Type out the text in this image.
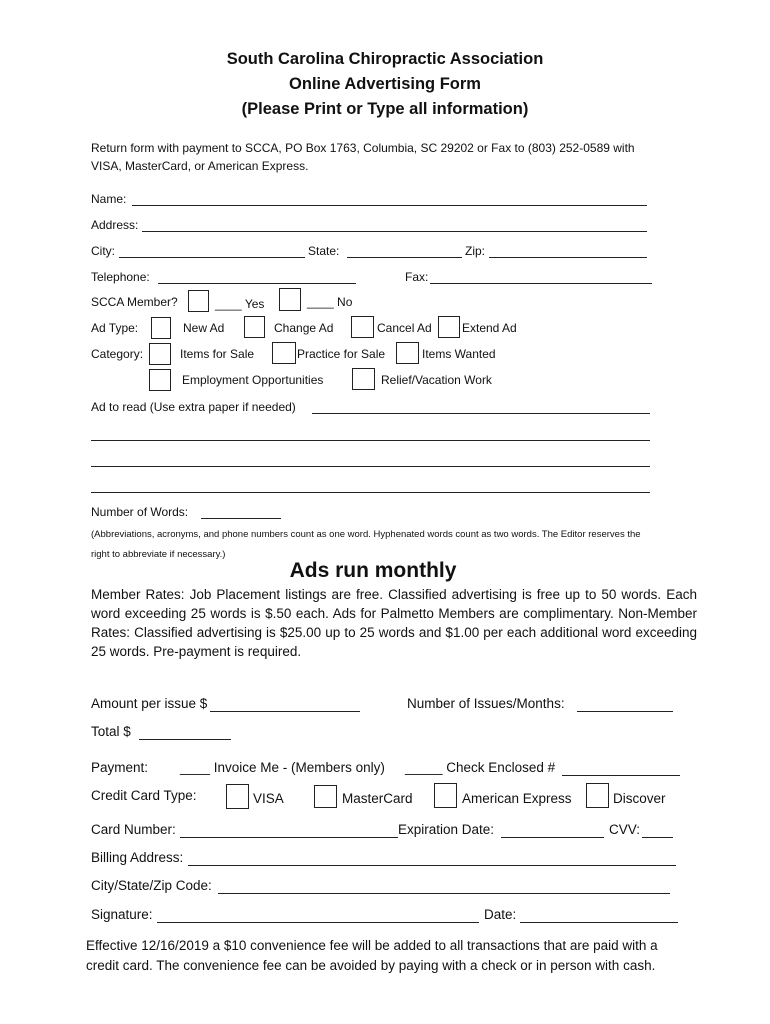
South Carolina Chiropractic Association
Online Advertising Form
(Please Print or Type all information)
Return form with payment to SCCA, PO Box 1763, Columbia, SC 29202 or Fax to (803) 252-0589 with
VISA, MasterCard, or American Express.
Name:
Address:
City:	State:	Zip:
Telephone:	Fax:
SCCA Member?	____ Yes	____ No
Ad Type:	New Ad	Change Ad	Cancel Ad	Extend Ad
Category:	Items for Sale	Practice for Sale	Items Wanted
Employment Opportunities	Relief/Vacation Work
Ad to read (Use extra paper if needed)
Number of Words:
(Abbreviations, acronyms, and phone numbers count as one word. Hyphenated words count as two words. The Editor reserves the
right to abbreviate if necessary.)
Ads run monthly
Member Rates: Job Placement listings are free. Classified advertising is free up to 50 words. Each word exceeding 25 words is $.50 each. Ads for Palmetto Members are complimentary. Non-Member Rates: Classified advertising is $25.00 up to 25 words and $1.00 per each additional word exceeding 25 words. Pre-payment is required.
Amount per issue $	Number of Issues/Months:
Total $
Payment: ____ Invoice Me - (Members only) _____ Check Enclosed #
Credit Card Type:	VISA	MasterCard	American Express	Discover
Card Number:	Expiration Date:	CVV:
Billing Address:
City/State/Zip Code:
Signature:	Date:
Effective 12/16/2019 a $10 convenience fee will be added to all transactions that are paid with a
credit card. The convenience fee can be avoided by paying with a check or in person with cash.
